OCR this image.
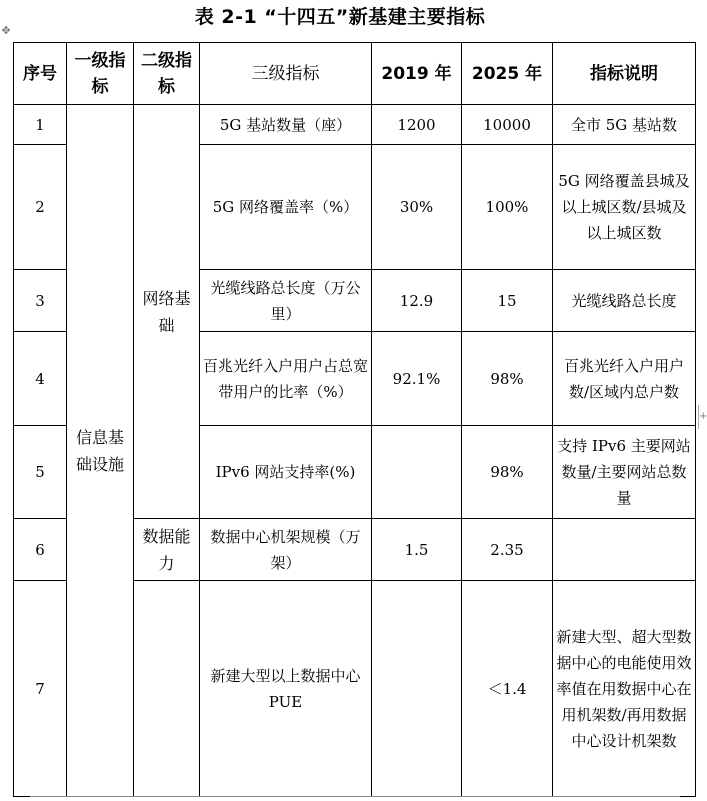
表 2-1 “十四五”新基建主要指标
✥
+
序号	一级指标	二级指标	三级指标	2019 年	2025 年	指标说明
1	信息基础设施	网络基础	5G 基站数量（座）	1200	10000	全市 5G 基站数
2			5G 网络覆盖率（%）	30%	100%	5G 网络覆盖县城及以上城区数/县城及以上城区数
3			光缆线路总长度（万公里）	12.9	15	光缆线路总长度
4			百兆光纤入户用户占总宽带用户的比率（%）	92.1%	98%	百兆光纤入户用户数/区域内总户数
5			IPv6 网站支持率(%)		98%	支持 IPv6 主要网站数量/主要网站总数量
6		数据能力	数据中心机架规模（万架）	1.5	2.35	
7			新建大型以上数据中心 PUE		＜1.4	新建大型、超大型数据中心的电能使用效率值在用数据中心在用机架数/再用数据中心设计机架数
